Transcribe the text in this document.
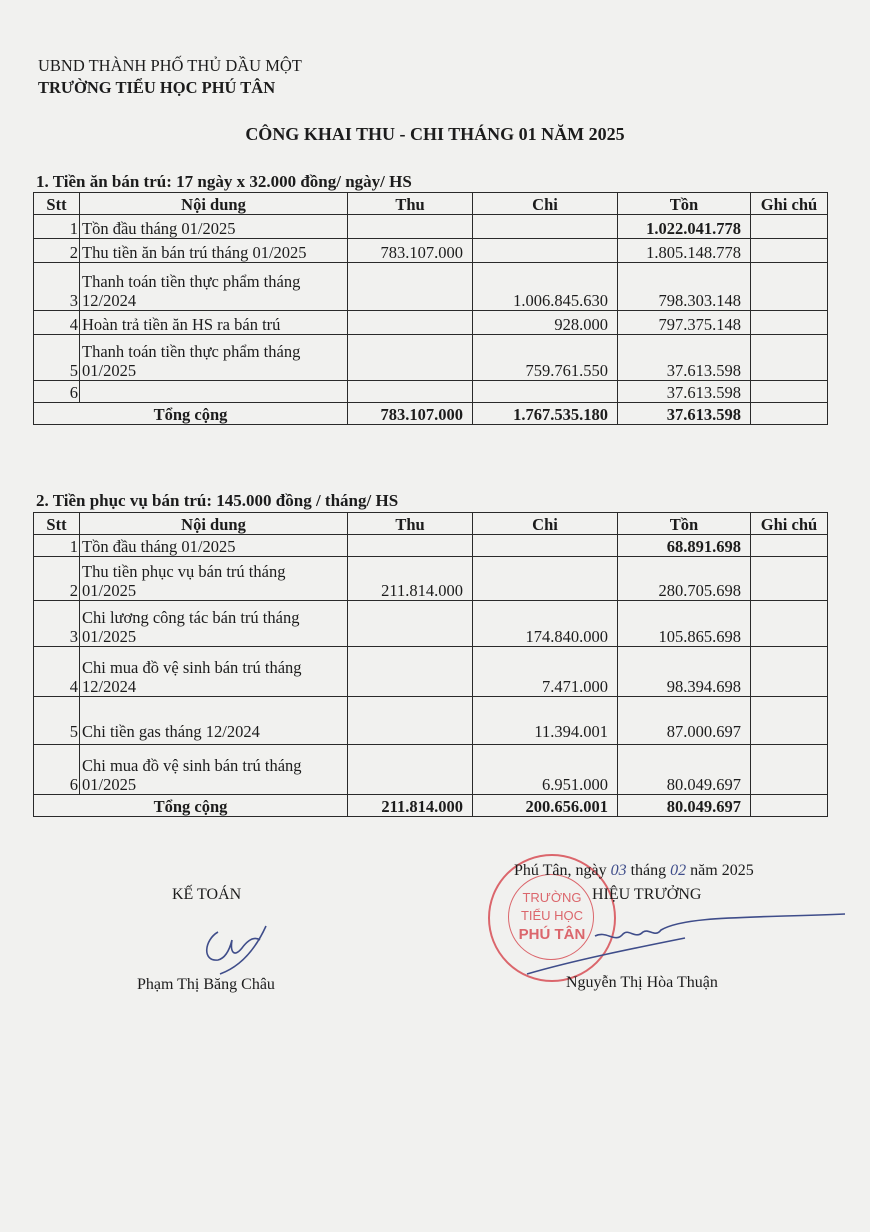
UBND THÀNH PHỐ THỦ DẦU MỘT
TRƯỜNG TIỂU HỌC PHÚ TÂN
CÔNG KHAI THU - CHI THÁNG 01 NĂM 2025
1. Tiền ăn bán trú: 17 ngày x 32.000 đồng/ ngày/ HS
Stt	Nội dung	Thu	Chi	Tồn	Ghi chú
1	Tồn đầu tháng 01/2025			1.022.041.778	
2	Thu tiền ăn bán trú tháng 01/2025	783.107.000		1.805.148.778	
3	Thanh toán tiền thực phẩm tháng
12/2024		1.006.845.630	798.303.148	
4	Hoàn trả tiền ăn HS ra bán trú		928.000	797.375.148	
5	Thanh toán tiền thực phẩm tháng
01/2025		759.761.550	37.613.598	
6				37.613.598	
Tổng cộng		783.107.000	1.767.535.180	37.613.598	
2. Tiền phục vụ bán trú: 145.000 đồng / tháng/ HS
Stt	Nội dung	Thu	Chi	Tồn	Ghi chú
1	Tồn đầu tháng 01/2025			68.891.698	
2	Thu tiền phục vụ bán trú tháng
01/2025	211.814.000		280.705.698	
3	Chi lương công tác bán trú tháng
01/2025		174.840.000	105.865.698	
4	Chi mua đồ vệ sinh bán trú tháng
12/2024		7.471.000	98.394.698	
5	Chi tiền gas tháng 12/2024		11.394.001	87.000.697	
6	Chi mua đồ vệ sinh bán trú tháng
01/2025		6.951.000	80.049.697	
Tổng cộng		211.814.000	200.656.001	80.049.697	
KẾ TOÁN
Phạm Thị Băng Châu
TRƯỜNG
TIỂU HỌC
PHÚ TÂN
Phú Tân, ngày 03 tháng 02 năm 2025
HIỆU TRƯỞNG
Nguyễn Thị Hòa Thuận
